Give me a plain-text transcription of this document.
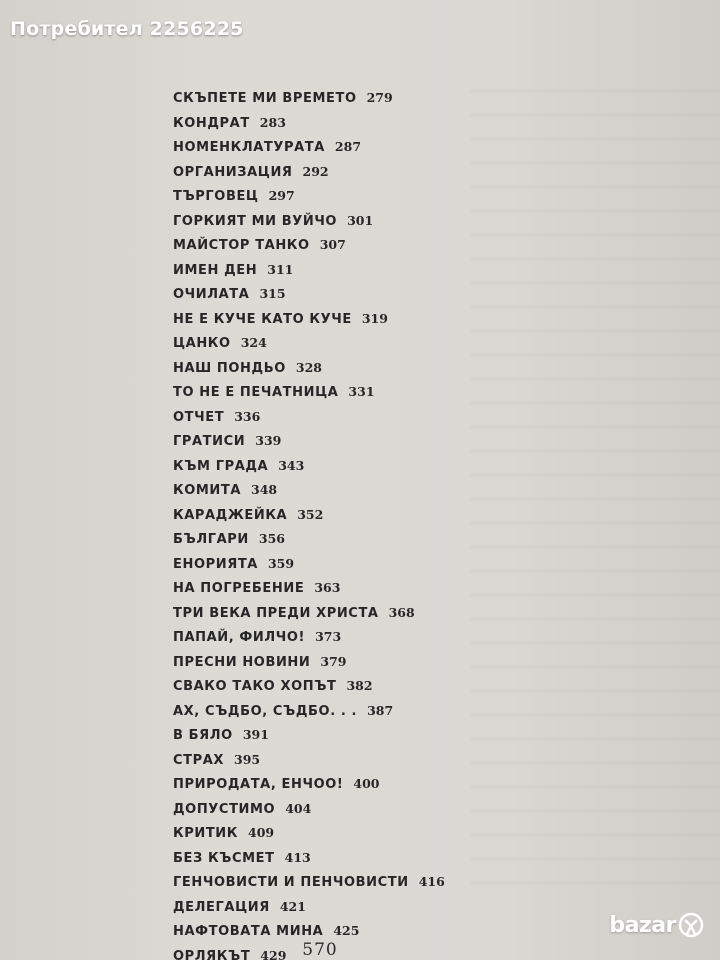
Потребител 2256225
СКЪПЕТЕ МИ ВРЕМЕТО 279
КОНДРАТ 283
НОМЕНКЛАТУРАТА 287
ОРГАНИЗАЦИЯ 292
ТЪРГОВЕЦ 297
ГОРКИЯТ МИ ВУЙЧО 301
МАЙСТОР ТАНКО 307
ИМЕН ДЕН 311
ОЧИЛАТА 315
НЕ Е КУЧЕ КАТО КУЧЕ 319
ЦАНКО 324
НАШ ПОНДЬО 328
ТО НЕ Е ПЕЧАТНИЦА 331
ОТЧЕТ 336
ГРАТИСИ 339
КЪМ ГРАДА 343
КОМИТА 348
КАРАДЖЕЙКА 352
БЪЛГАРИ 356
ЕНОРИЯТА 359
НА ПОГРЕБЕНИЕ 363
ТРИ ВЕКА ПРЕДИ ХРИСТА 368
ПАПАЙ, ФИЛЧО! 373
ПРЕСНИ НОВИНИ 379
СВАКО ТАКО ХОПЪТ 382
АХ, СЪДБО, СЪДБО. . . 387
В БЯЛО 391
СТРАХ 395
ПРИРОДАТА, ЕНЧОО! 400
ДОПУСТИМО 404
КРИТИК 409
БЕЗ КЪСМЕТ 413
ГЕНЧОВИСТИ И ПЕНЧОВИСТИ 416
ДЕЛЕГАЦИЯ 421
НАФТОВАТА МИНА 425
ОРЛЯКЪТ 429 570
bazar
